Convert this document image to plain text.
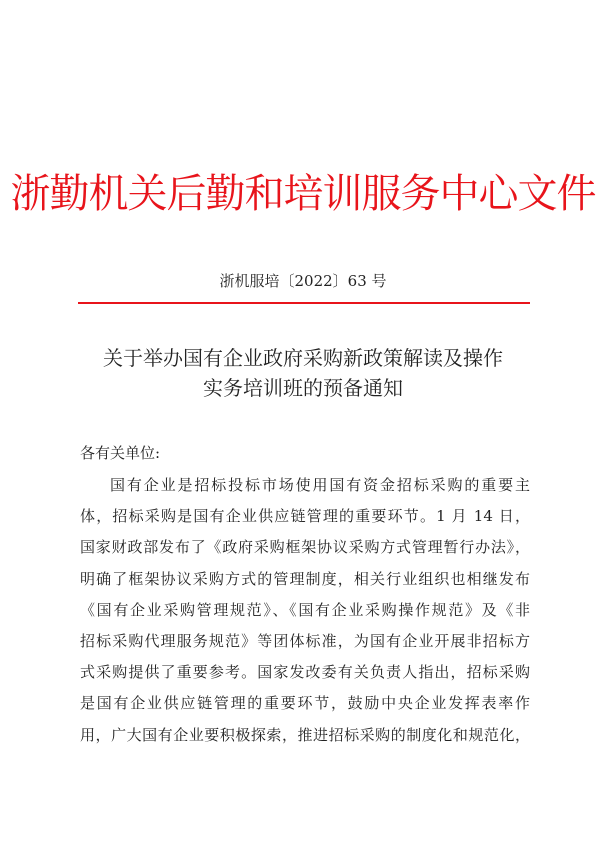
浙勤机关后勤和培训服务中心文件
浙机服培〔2022〕63 号
关于举办国有企业政府采购新政策解读及操作
实务培训班的预备通知
各有关单位:
国有企业是招标投标市场使用国有资金招标采购的重要主
体，招标采购是国有企业供应链管理的重要环节。1 月 14 日，
国家财政部发布了《政府采购框架协议采购方式管理暂行办法》，
明确了框架协议采购方式的管理制度，相关行业组织也相继发布
《国有企业采购管理规范》、《国有企业采购操作规范》及《非
招标采购代理服务规范》等团体标准，为国有企业开展非招标方
式采购提供了重要参考。国家发改委有关负责人指出，招标采购
是国有企业供应链管理的重要环节，鼓励中央企业发挥表率作
用，广大国有企业要积极探索，推进招标采购的制度化和规范化，
